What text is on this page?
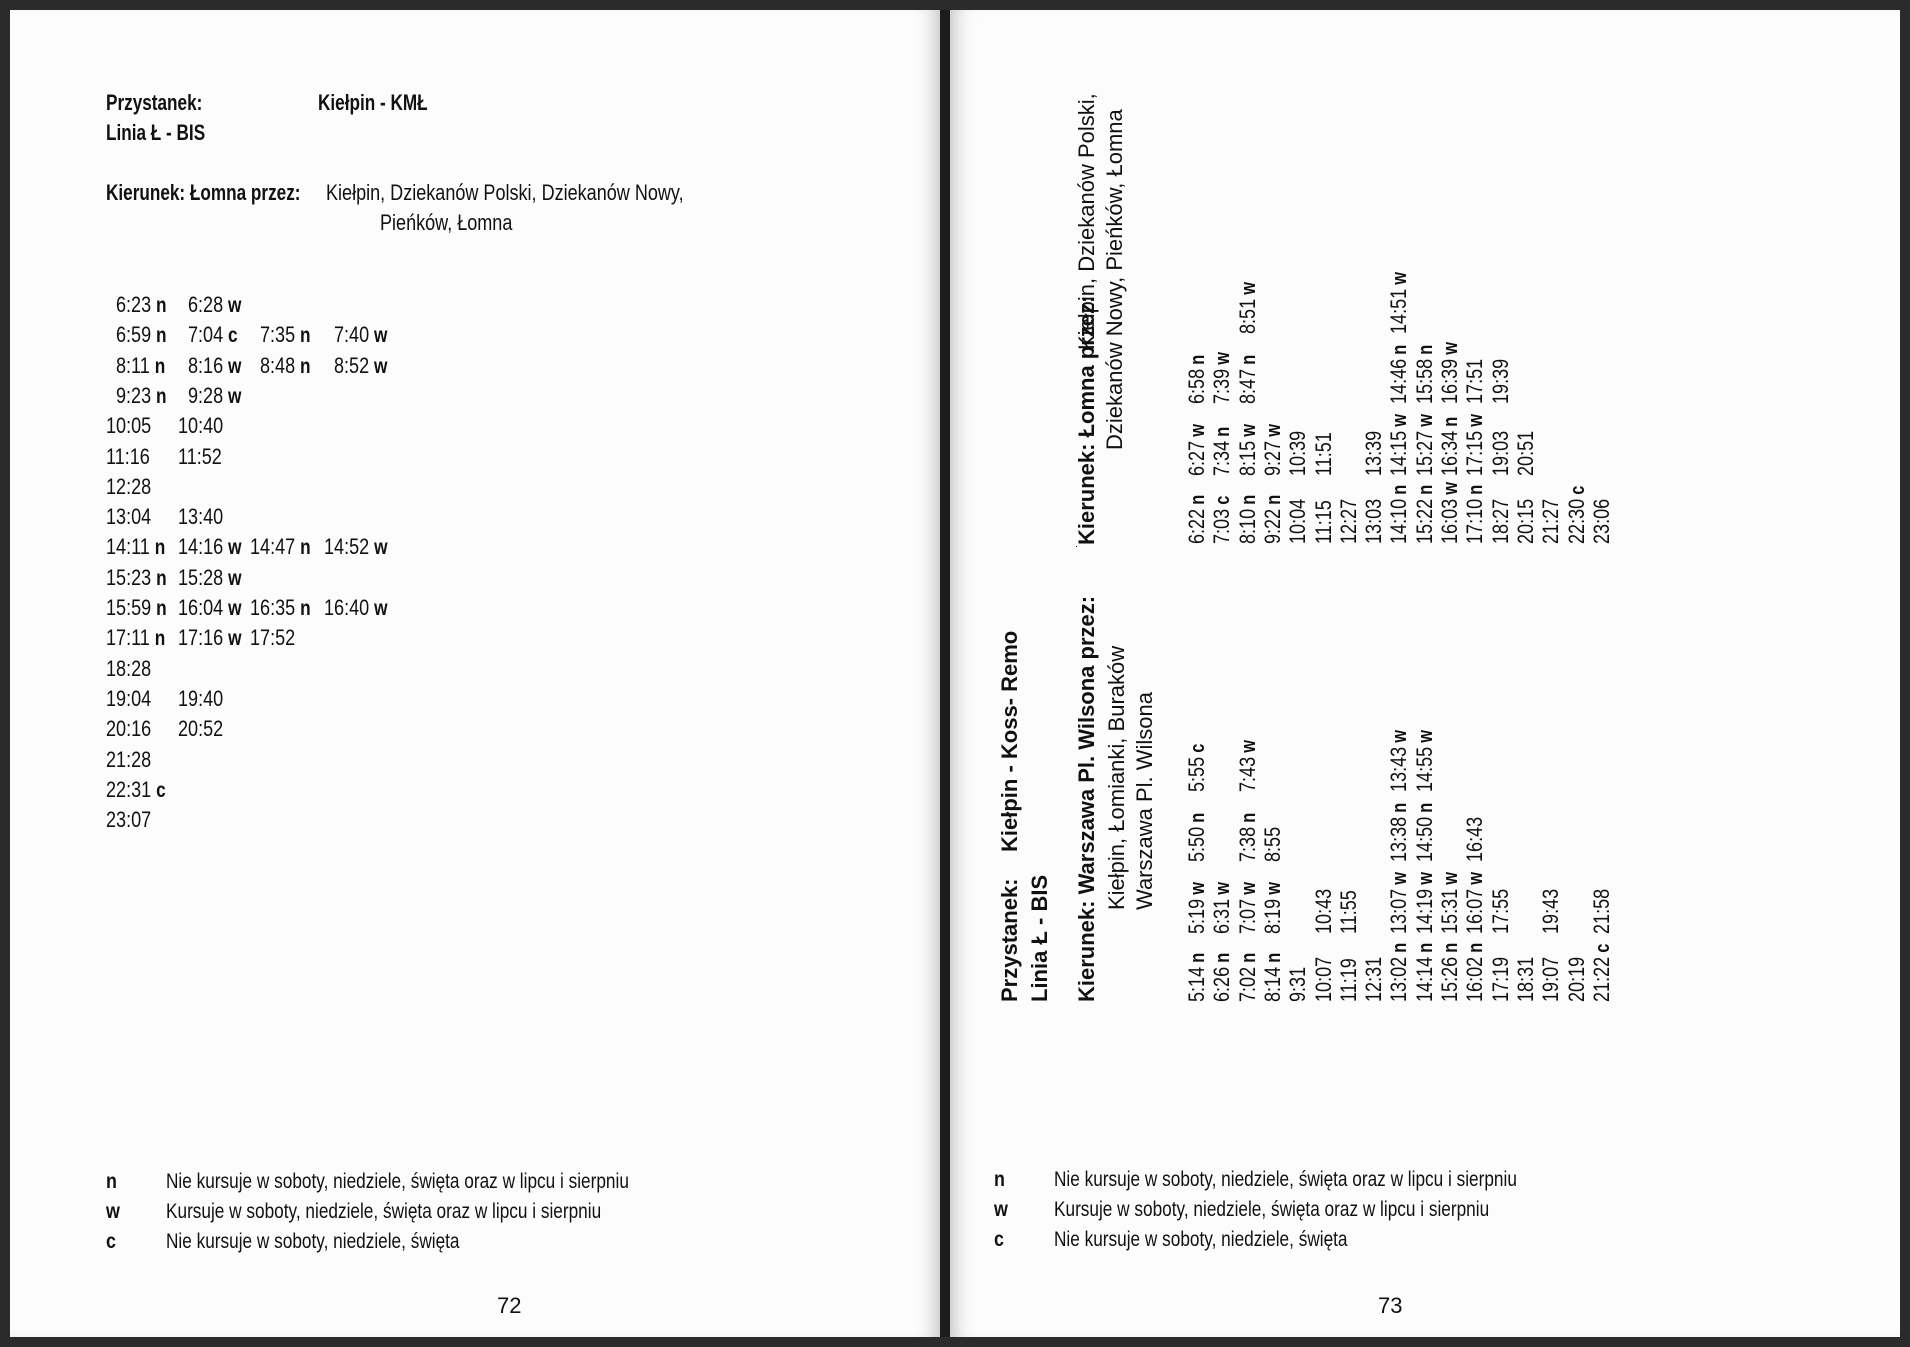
Przystanek:	Kiełpin - KMŁ
Linia Ł - BIS
Kierunek: Łomna przez: Kiełpin, Dziekanów Polski, Dziekanów Nowy,
Pieńków, Łomna
6:23 n 6:28 w
6:59 n 7:04 c 7:35 n 7:40 w
8:11 n 8:16 w 8:48 n 8:52 w
9:23 n 9:28 w
10:05 10:40
11:16 11:52
12:28
13:04 13:40
14:11 n 14:16 w 14:47 n 14:52 w
15:23 n 15:28 w
15:59 n 16:04 w 16:35 n 16:40 w
17:11 n 17:16 w 17:52
18:28
19:04 19:40
20:16 20:52
21:28
22:31 c
23:07
n Nie kursuje w soboty, niedziele, święta oraz w lipcu i sierpniu
w Kursuje w soboty, niedziele, święta oraz w lipcu i sierpniu
c Nie kursuje w soboty, niedziele, święta
72
Przystanek:
Kiełpin - Koss- Remo
Linia Ł - BIS Kierunek: Warszawa Pl. Wilsona przez: Kiełpin, Łomianki, Buraków Warszawa Pl. Wilsona
5:14n
5:19w
5:50n
5:55c
6:26n
6:31w
7:02n
7:07w
7:38n
7:43w
8:14n
8:19w
8:55
9:31 10:07
10:43
11:19
11:55
12:31 13:02n
13:07w
13:38n
13:43w
14:14n
14:19w
14:50n
14:55w
15:26n
15:31w
16:02n
16:07w
16:43
17:19
17:55
18:31 19:07
19:43
20:19 21:22c
21:58
Kierunek: Łomna przez:
Kiełpin, Dziekanów Polski, Dziekanów Nowy, Pieńków, Łomna
6:22n
6:27w
6:58n
7:03c
7:34n
7:39w
8:10n
8:15w
8:47n
8:51w
9:22n
9:27w
10:04
10:39
11:15
11:51
12:27 13:03
13:39
14:10n
14:15w
14:46n
14:51w
15:22n
15:27w
15:58n
16:03w
16:34n
16:39w
17:10n
17:15w
17:51
18:27
19:03
19:39
20:15
20:51
21:27 22:30c
23:06
n Nie kursuje w soboty, niedziele, święta oraz w lipcu i sierpniu
w Kursuje w soboty, niedziele, święta oraz w lipcu i sierpniu
c Nie kursuje w soboty, niedziele, święta
73
